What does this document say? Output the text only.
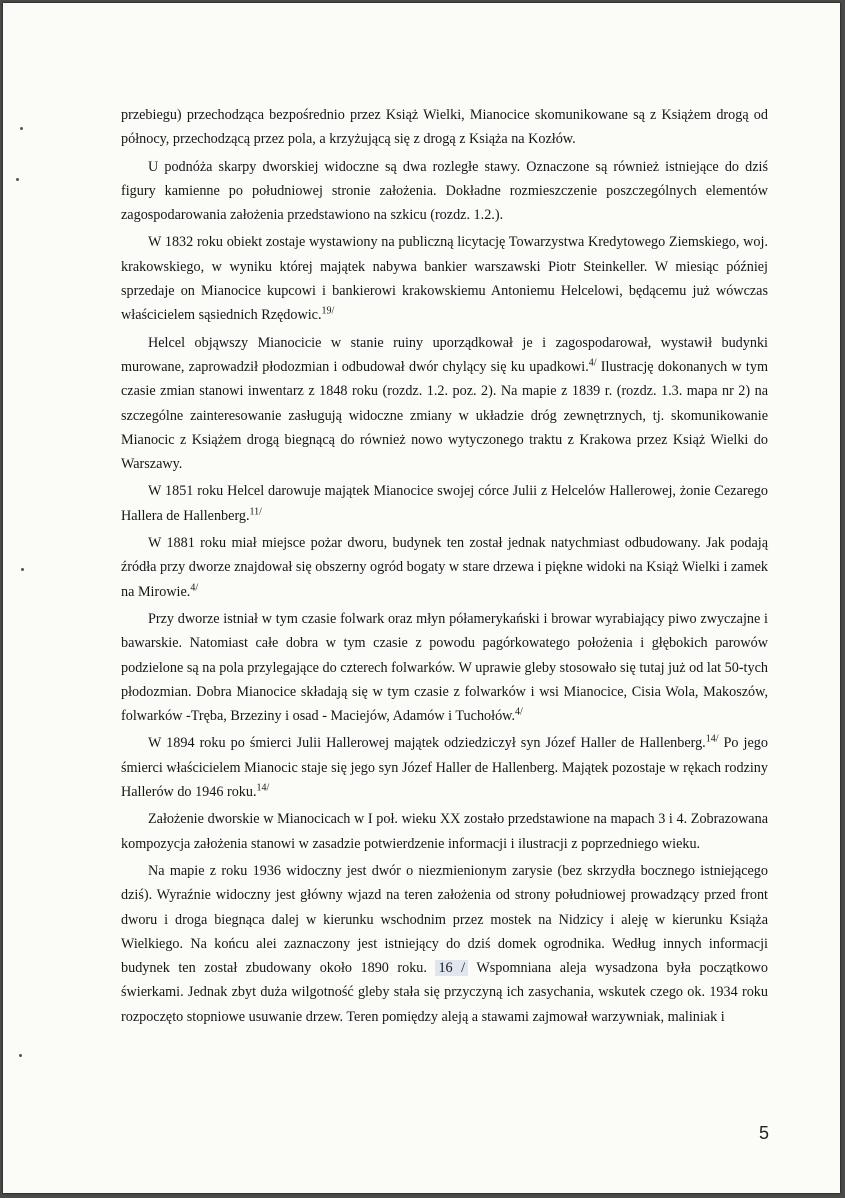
przebiegu) przechodząca bezpośrednio przez Książ Wielki, Mianocice skomunikowane są z Książem drogą od północy, przechodzącą przez pola, a krzyżującą się z drogą z Książa na Kozłów.

U podnóża skarpy dworskiej widoczne są dwa rozległe stawy. Oznaczone są również istniejące do dziś figury kamienne po południowej stronie założenia. Dokładne rozmieszczenie poszczególnych elementów zagospodarowania założenia przedstawiono na szkicu (rozdz. 1.2.).

W 1832 roku obiekt zostaje wystawiony na publiczną licytację Towarzystwa Kredytowego Ziemskiego, woj. krakowskiego, w wyniku której majątek nabywa bankier warszawski Piotr Steinkeller. W miesiąc później sprzedaje on Mianocice kupcowi i bankierowi krakowskiemu Antoniemu Helcelowi, będącemu już wówczas właścicielem sąsiednich Rzędowic.$^{19/}$

Helcel objąwszy Mianocicie w stanie ruiny uporządkował je i zagospodarował, wystawił budynki murowane, zaprowadził płodozmian i odbudował dwór chylący się ku upadkowi.$^{4/}$ Ilustrację dokonanych w tym czasie zmian stanowi inwentarz z 1848 roku (rozdz. 1.2. poz. 2). Na mapie z 1839 r. (rozdz. 1.3. mapa nr 2) na szczególne zainteresowanie zasługują widoczne zmiany w układzie dróg zewnętrznych, tj. skomunikowanie Mianocic z Książem drogą biegnącą do również nowo wytyczonego traktu z Krakowa przez Książ Wielki do Warszawy.

W 1851 roku Helcel darowuje majątek Mianocice swojej córce Julii z Helcelów Hallerowej, żonie Cezarego Hallera de Hallenberg.$^{11/}$

W 1881 roku miał miejsce pożar dworu, budynek ten został jednak natychmiast odbudowany. Jak podają źródła przy dworze znajdował się obszerny ogród bogaty w stare drzewa i piękne widoki na Książ Wielki i zamek na Mirowie.$^{4/}$

Przy dworze istniał w tym czasie folwark oraz młyn półamerykański i browar wyrabiający piwo zwyczajne i bawarskie. Natomiast całe dobra w tym czasie z powodu pagórkowatego położenia i głębokich parowów podzielone są na pola przylegające do czterech folwarków. W uprawie gleby stosowało się tutaj już od lat 50-tych płodozmian. Dobra Mianocice składają się w tym czasie z folwarków i wsi Mianocice, Cisia Wola, Makoszów, folwarków -Tręba, Brzeziny i osad - Maciejów, Adamów i Tuchołów.$^{4/}$

W 1894 roku po śmierci Julii Hallerowej majątek odziedziczył syn Józef Haller de Hallenberg.$^{14/}$ Po jego śmierci właścicielem Mianocic staje się jego syn Józef Haller de Hallenberg. Majątek pozostaje w rękach rodziny Hallerów do 1946 roku.$^{14/}$

Założenie dworskie w Mianocicach w I poł. wieku XX zostało przedstawione na mapach 3 i 4. Zobrazowana kompozycja założenia stanowi w zasadzie potwierdzenie informacji i ilustracji z poprzedniego wieku.

Na mapie z roku 1936 widoczny jest dwór o niezmienionym zarysie (bez skrzydła bocznego istniejącego dziś). Wyraźnie widoczny jest główny wjazd na teren założenia od strony południowej prowadzący przed front dworu i droga biegnąca dalej w kierunku wschodnim przez mostek na Nidzicy i aleję w kierunku Książa Wielkiego. Na końcu alei zaznaczony jest istniejący do dziś domek ogrodnika. Według innych informacji budynek ten został zbudowany około 1890 roku. 16 / Wspomniana aleja wysadzona była początkowo świerkami. Jednak zbyt duża wilgotność gleby stała się przyczyną ich zasychania, wskutek czego ok. 1934 roku rozpoczęto stopniowe usuwanie drzew. Teren pomiędzy aleją a stawami zajmował warzywniak, maliniak i

5
